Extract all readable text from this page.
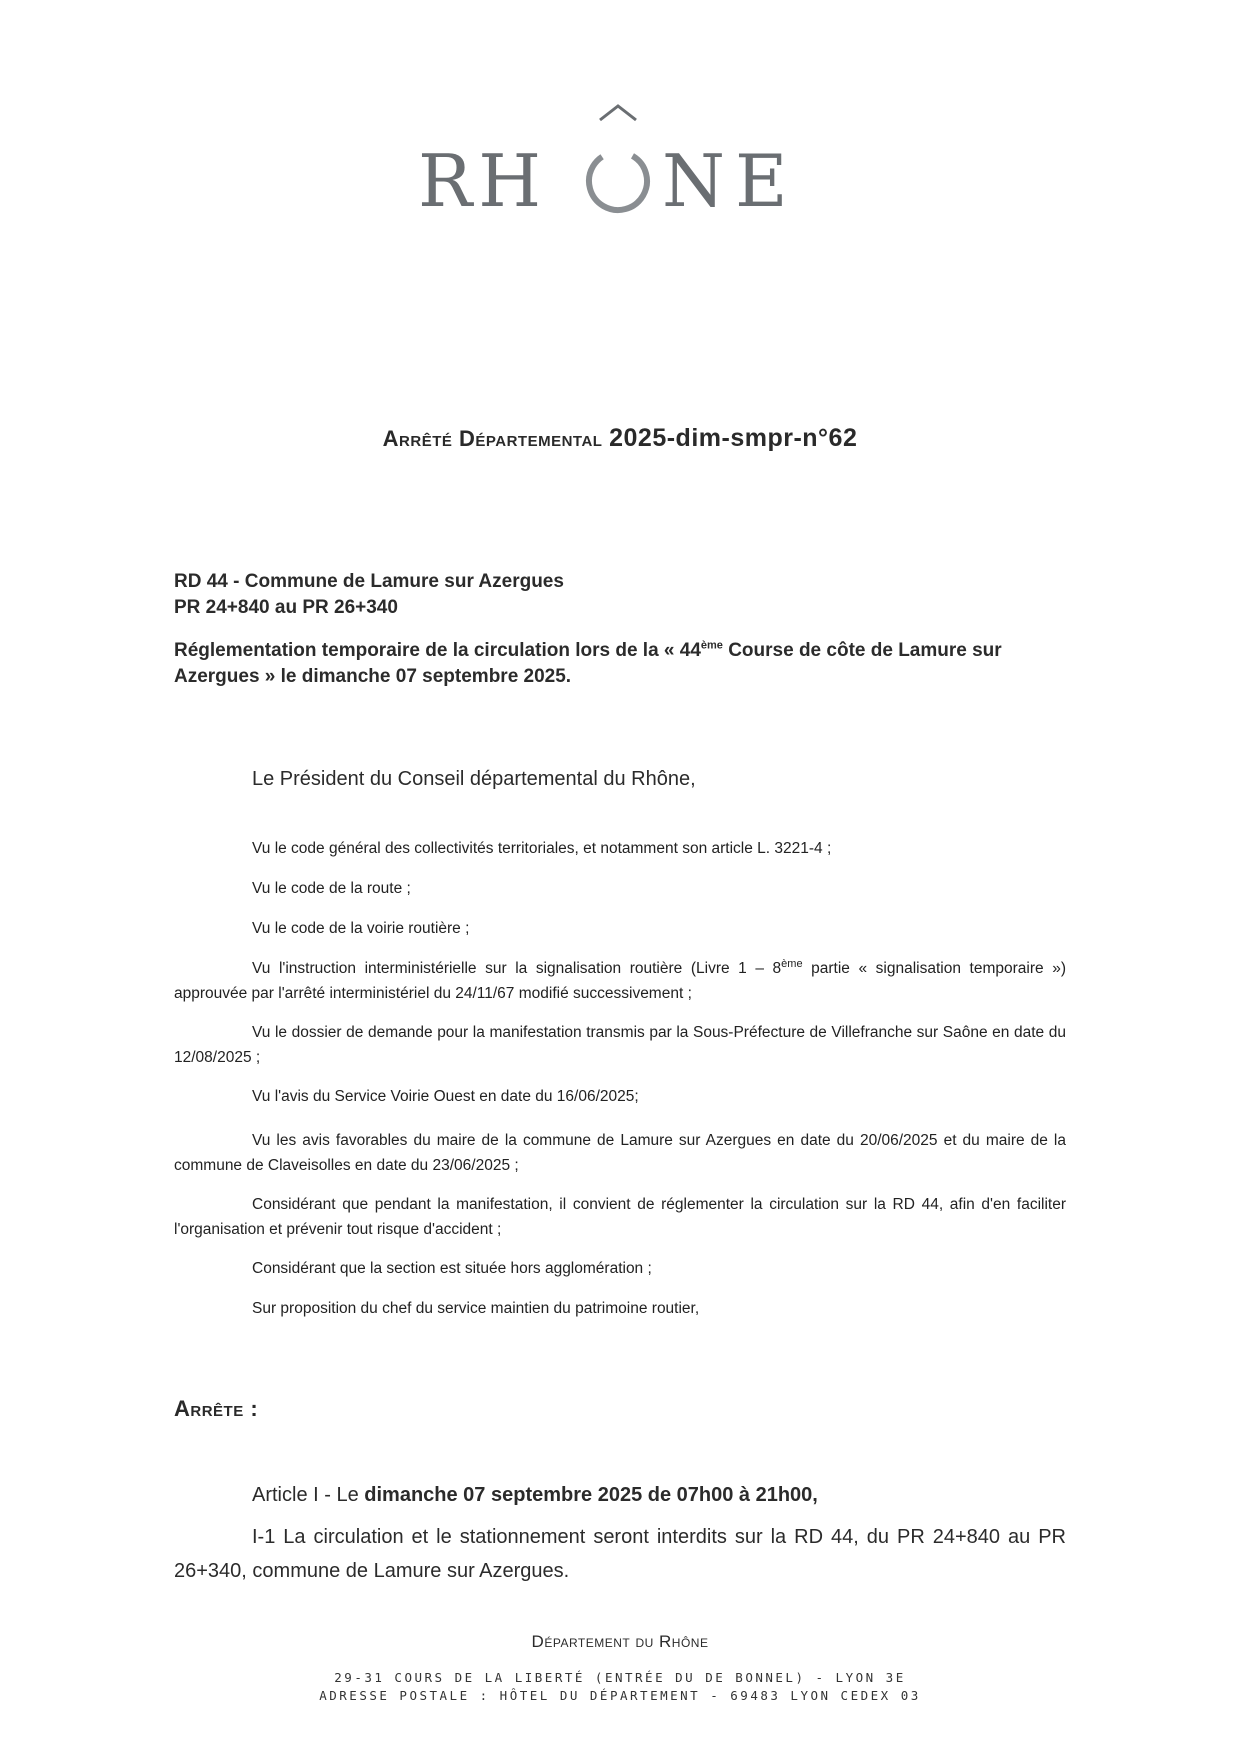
RH NE
Arrêté Départemental 2025-dim-smpr-n°62
RD 44 - Commune de Lamure sur Azergues
PR 24+840 au PR 26+340
Réglementation temporaire de la circulation lors de la « 44ème Course de côte de Lamure sur Azergues » le dimanche 07 septembre 2025.
Le Président du Conseil départemental du Rhône,
Vu le code général des collectivités territoriales, et notamment son article L. 3221-4 ;
Vu le code de la route ;
Vu le code de la voirie routière ;
Vu l'instruction interministérielle sur la signalisation routière (Livre 1 – 8ème partie « signalisation temporaire ») approuvée par l'arrêté interministériel du 24/11/67 modifié successivement ;
Vu le dossier de demande pour la manifestation transmis par la Sous-Préfecture de Villefranche sur Saône en date du 12/08/2025 ;
Vu l'avis du Service Voirie Ouest en date du 16/06/2025;
Vu les avis favorables du maire de la commune de Lamure sur Azergues en date du 20/06/2025 et du maire de la commune de Claveisolles en date du 23/06/2025 ;
Considérant que pendant la manifestation, il convient de réglementer la circulation sur la RD 44, afin d'en faciliter l'organisation et prévenir tout risque d'accident ;
Considérant que la section est située hors agglomération ;
Sur proposition du chef du service maintien du patrimoine routier,
Arrête :
Article I - Le dimanche 07 septembre 2025 de 07h00 à 21h00,
I-1 La circulation et le stationnement seront interdits sur la RD 44, du PR 24+840 au PR 26+340, commune de Lamure sur Azergues.
Département du Rhône
29-31 COURS DE LA LIBERTÉ (ENTRÉE DU DE BONNEL) - LYON 3E
ADRESSE POSTALE : HÔTEL DU DÉPARTEMENT - 69483 LYON CEDEX 03
